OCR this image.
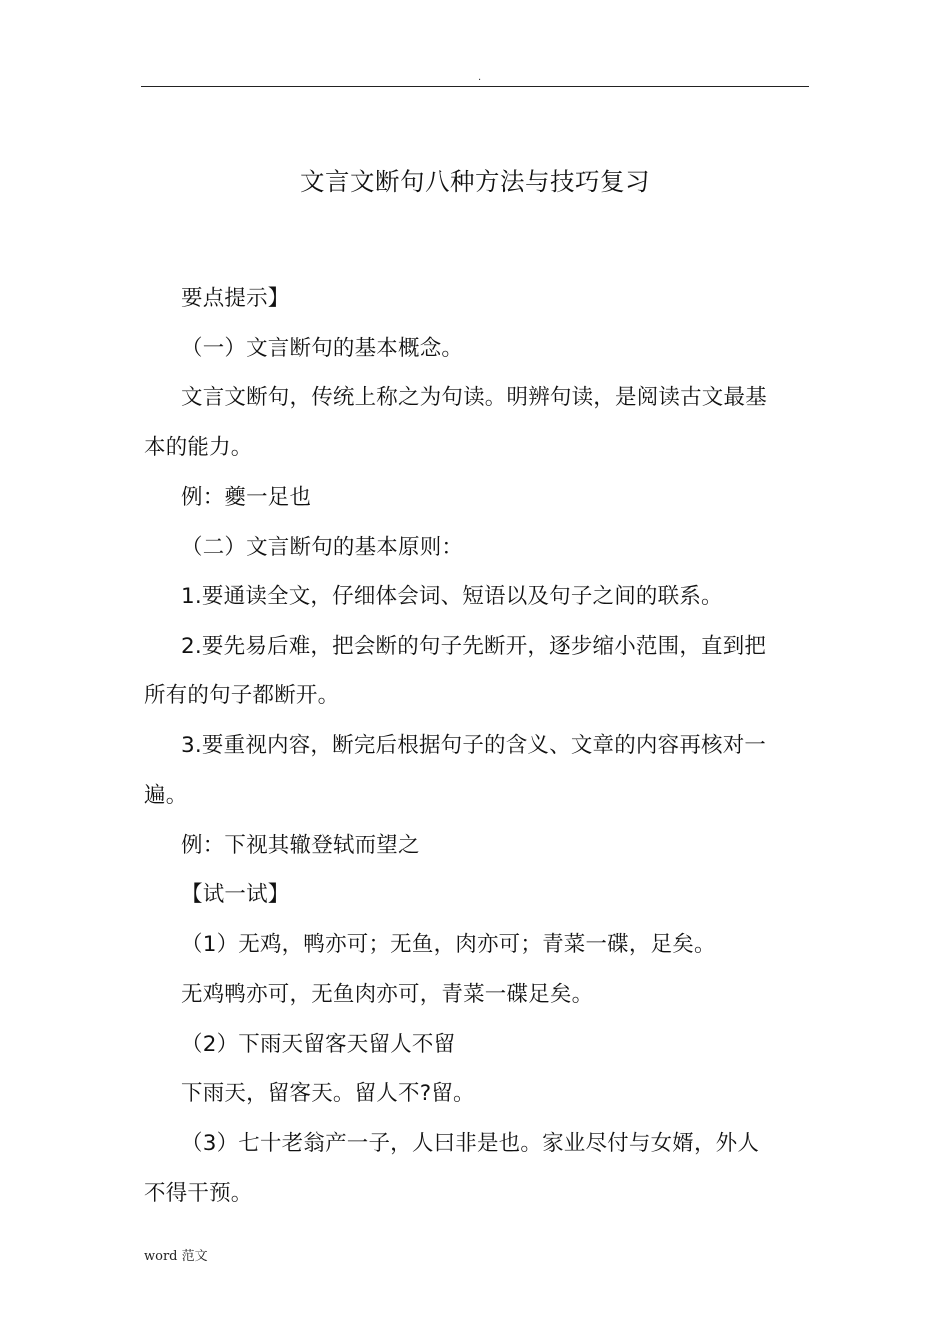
.
文言文断句八种方法与技巧复习
要点提示】
（一）文言断句的基本概念。
文言文断句，传统上称之为句读。明辨句读，是阅读古文最基
本的能力。
例：夔一足也
（二）文言断句的基本原则：
1.要通读全文，仔细体会词、短语以及句子之间的联系。
2.要先易后难，把会断的句子先断开，逐步缩小范围，直到把
所有的句子都断开。
3.要重视内容，断完后根据句子的含义、文章的内容再核对一
遍。
例：下视其辙登轼而望之
【试一试】
（1）无鸡，鸭亦可；无鱼，肉亦可；青菜一碟，足矣。
无鸡鸭亦可，无鱼肉亦可，青菜一碟足矣。
（2）下雨天留客天留人不留
下雨天，留客天。留人不?留。
（3）七十老翁产一子，人曰非是也。家业尽付与女婿，外人
不得干预。
word 范文
